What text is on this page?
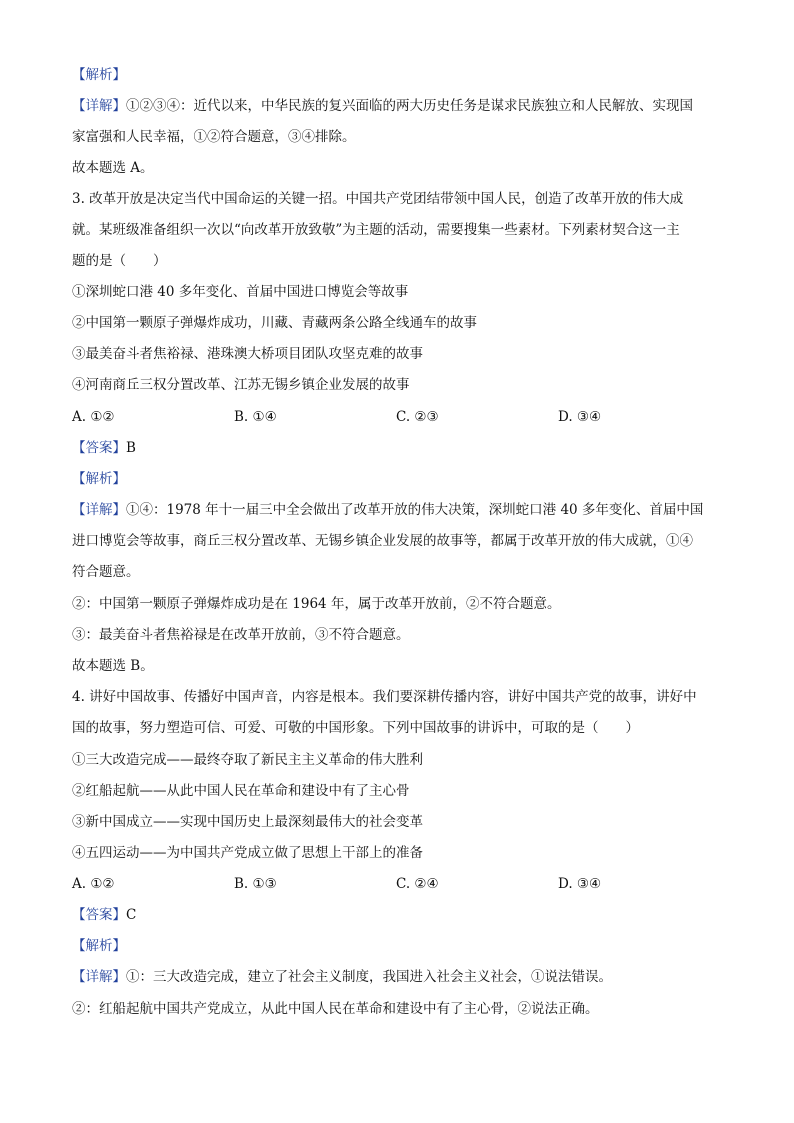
【解析】
【详解】①②③④：近代以来，中华民族的复兴面临的两大历史任务是谋求民族独立和人民解放、实现国
家富强和人民幸福，①②符合题意，③④排除。
故本题选 A。
3. 改革开放是决定当代中国命运的关键一招。中国共产党团结带领中国人民，创造了改革开放的伟大成
就。某班级准备组织一次以“向改革开放致敬”为主题的活动，需要搜集一些素材。下列素材契合这一主
题的是（　　）
①深圳蛇口港 40 多年变化、首届中国进口博览会等故事
②中国第一颗原子弹爆炸成功，川藏、青藏两条公路全线通车的故事
③最美奋斗者焦裕禄、港珠澳大桥项目团队攻坚克难的故事
④河南商丘三权分置改革、江苏无锡乡镇企业发展的故事
A. ①②	B. ①④	C. ②③	D. ③④
【答案】B
【解析】
【详解】①④：1978 年十一届三中全会做出了改革开放的伟大决策，深圳蛇口港 40 多年变化、首届中国
进口博览会等故事，商丘三权分置改革、无锡乡镇企业发展的故事等，都属于改革开放的伟大成就，①④
符合题意。
②：中国第一颗原子弹爆炸成功是在 1964 年，属于改革开放前，②不符合题意。
③：最美奋斗者焦裕禄是在改革开放前，③不符合题意。
故本题选 B。
4. 讲好中国故事、传播好中国声音，内容是根本。我们要深耕传播内容，讲好中国共产党的故事，讲好中
国的故事，努力塑造可信、可爱、可敬的中国形象。下列中国故事的讲诉中，可取的是（　　）
①三大改造完成——最终夺取了新民主主义革命的伟大胜利
②红船起航——从此中国人民在革命和建设中有了主心骨
③新中国成立——实现中国历史上最深刻最伟大的社会变革
④五四运动——为中国共产党成立做了思想上干部上的准备
A. ①②	B. ①③	C. ②④	D. ③④
【答案】C
【解析】
【详解】①：三大改造完成，建立了社会主义制度，我国进入社会主义社会，①说法错误。
②：红船起航中国共产党成立，从此中国人民在革命和建设中有了主心骨，②说法正确。
